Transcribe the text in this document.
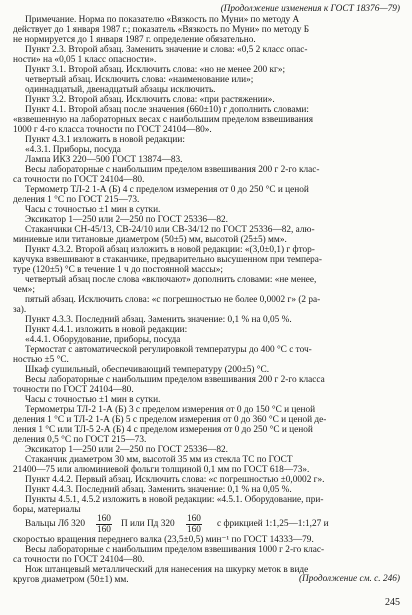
(Продолжение изменения к ГОСТ 18376—79)
Примечание. Норма по показателю «Вязкость по Муни» по методу А
действует до 1 января 1987 г.; показатель «Вязкость по Муни» по методу Б
не нормируется до 1 января 1987 г. определение обязательно.
Пункт 2.3. Второй абзац. Заменить значение и слова: «0,5 2 класс опас-
ности» на «0,05 1 класс опасности».
Пункт 3.1. Второй абзац. Исключить слова: «но не менее 200 кг»;
четвертый абзац. Исключить слова: «наименование или»;
одиннадцатый, двенадцатый абзацы исключить.
Пункт 3.2. Второй абзац. Исключить слова: «при растяжении».
Пункт 4.1. Второй абзац после значения (660±10) г дополнить словами:
«взвешенную на лабораторных весах с наибольшим пределом взвешивания
1000 г 4-го класса точности по ГОСТ 24104—80».
Пункт 4.3.1 изложить в новой редакции:
«4.3.1. Приборы, посуда
Лампа ИКЗ 220—500 ГОСТ 13874—83.
Весы лабораторные с наибольшим пределом взвешивания 200 г 2-го клас-
са точности по ГОСТ 24104—80.
Термометр ТЛ-2 1-А (Б) 4 с пределом измерения от 0 до 250 °С и ценой
деления 1 °С по ГОСТ 215—73.
Часы с точностью ±1 мин в сутки.
Эксикатор 1—250 или 2—250 по ГОСТ 25336—82.
Стаканчики СН-45/13, СВ-24/10 или СВ-34/12 по ГОСТ 25336—82, алю-
миниевые или титановые диаметром (50±5) мм, высотой (25±5) мм».
Пункт 4.3.2. Второй абзац изложить в новой редакции: «(3,0±0,1) г фтор-
каучука взвешивают в стаканчике, предварительно высушенном при темпера-
туре (120±5) °С в течение 1 ч до постоянной массы»;
четвертый абзац после слова «включают» дополнить словами: «не менее,
чем»;
пятый абзац. Исключить слова: «с погрешностью не более 0,0002 г» (2 ра-
за).
Пункт 4.3.3. Последний абзац. Заменить значение: 0,1 % на 0,05 %.
Пункт 4.4.1. изложить в новой редакции:
«4.4.1. Оборудование, приборы, посуда
Термостат с автоматической регулировкой температуры до 400 °С с точ-
ностью ±5 °С.
Шкаф сушильный, обеспечивающий температуру (200±5) °С.
Весы лабораторные с наибольшим пределом взвешивания 200 г 2-го класса
точности по ГОСТ 24104—80.
Часы с точностью ±1 мин в сутки.
Термометры ТЛ-2 1-А (Б) 3 с пределом измерения от 0 до 150 °С и ценой
деления 1 °С и ТЛ-2 1-А (Б) 5 с пределом измерения от 0 до 360 °С и ценой де-
ления 1 °С или ТЛ-5 2-А (Б) 4 с пределом измерения от 0 до 250 °С и ценой
деления 0,5 °С по ГОСТ 215—73.
Эксикатор 1—250 или 2—250 по ГОСТ 25336—82.
Стаканчик диаметром 30 мм, высотой 35 мм из стекла ТС по ГОСТ
21400—75 или алюминиевой фольги толщиной 0,1 мм по ГОСТ 618—73».
Пункт 4.4.2. Первый абзац. Исключить слова: «с погрешностью ±0,0002 г».
Пункт 4.4.3. Последний абзац. Заменить значение: 0,1 % на 0,05 %.
Пункты 4.5.1, 4.5.2 изложить в новой редакции: «4.5.1. Оборудование, при-
боры, материалы
Вальцы Лб $320 \frac{160}{160}$ П или Пд $320 \frac{160}{160}$ с фрикцией 1:1,25—1:1,27 и
скоростью вращения переднего валка (23,5±0,5) мин⁻¹ по ГОСТ 14333—79.
Весы лабораторные с наибольшим пределом взвешивания 1000 г 2-го клас-
са точности по ГОСТ 24104—80.
Нож штанцевый металлический для нанесения на шкурку меток в виде
кругов диаметром (50±1) мм.	(Продолжение см. с. 246)
245
